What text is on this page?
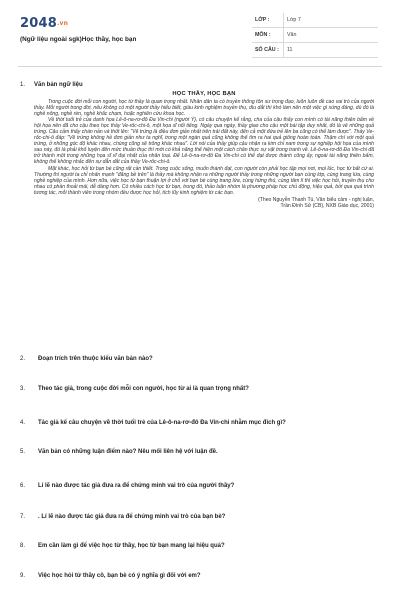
2048.vn
(Ngữ liệu ngoài sgk)Học thầy, học bạn
LỚP :	Lớp 7
MÔN :	Văn
SỐ CÂU :	11
1. Văn bản ngữ liệu
HỌC THẦY, HỌC BẠN

Trong cuộc đời mỗi con người, học từ thầy là quan trọng nhất. Nhân dân ta có truyền thống tôn sư trọng đạo, luôn luôn đề cao vai trò của người thầy. Mỗi người trong đời, nếu không có một người thầy hiểu biết, giàu kinh nghiệm truyền thụ, dìu dắt thì khó làm nên một việc gì xứng đáng, dù đó là nghề nông, nghề rèn, nghề khắc chạm, hoặc nghiên cứu khoa học.

Về thời tuổi trẻ của danh họa Lê-ô-na-rơ-đô Đa Vin-chi (người Ý), có câu chuyện kể rằng, cha của cậu thấy con mình có tài năng thiên bẩm về hội họa nên đã cho cậu theo học thầy Ve-rốc-chi-ô, một họa sĩ nổi tiếng. Ngày qua ngày, thầy giao cho cậu một bài tập duy nhất, đó là vẽ những quả trứng. Cậu cảm thấy chán nản và thốt lên: "Vẽ trứng là điều đơn giản nhất trên trái đất này, đến cả một đứa trẻ lên ba cũng có thể làm được". Thầy Ve-rốc-chi-ô đáp: "Vẽ trứng không hề đơn giản như ta nghĩ, trong một ngàn quả cũng không thể tìm ra hai quả giống hoàn toàn. Thậm chí với một quả trứng, ở những góc độ khác nhau, chúng cũng sẽ trông khác nhau". Lời nói của thầy giúp cậu nhận ra kim chỉ nam trong sự nghiệp hội họa của mình sau này, đó là phải khổ luyện đến mức thuần thục thì mới có khả năng thể hiện một cách chân thực sự vật trong tranh vẽ. Lê-ô-na-rơ-đô Đa Vin-chi đã trở thành một trong những họa sĩ vĩ đại nhất của nhân loại. Để Lê-ô-na-rơ-đô Đa Vin-chi có thể đạt được thành công ấy, ngoài tài năng thiên bẩm, không thể không nhắc đến sự dẫn dắt của thầy Ve-rốc-chi-ô.

Mặt khác, học hỏi từ bạn bè cũng rất cần thiết. Trong cuộc sống, muốn thành đạt, con người còn phải học tập mọi nơi, mọi lúc, học từ bất cứ ai. Thường thì người ta chỉ nhấn mạnh "đăng bề trên" là thầy mà không nhận ra những người thầy trong những người bạn cùng lớp, cùng trang lứa, cùng nghề nghiệp của mình. Hơn nữa, việc học từ bạn thuận lợi ở chỗ với bạn bè cùng trang lứa, cùng hứng thú, cùng tâm lí thì việc học hỏi, truyền thụ cho nhau có phần thoải mái, dễ dàng hơn. Có nhiều cách học từ bạn, trong đó, thảo luận nhóm là phương pháp học chủ động, hiệu quả, bởi qua quá trình tương tác, mỗi thành viên trong nhóm đều được học hỏi, tích lũy kinh nghiệm từ các bạn.

(Theo Nguyễn Thanh Tú, Văn biểu cảm - nghị luận,
Trần Đình Sử (CB), NXB Giáo dục, 2001)
2. Đoạn trích trên thuộc kiểu văn bản nào?
3. Theo tác giả, trong cuộc đời mỗi con người, học từ ai là quan trọng nhất?
4. Tác giả kể câu chuyện về thời tuổi trẻ của Lê-ô-na-rơ-đô Đa Vin-chi nhằm mục đích gì?
5. Văn bản có những luận điểm nào? Nêu mối liên hệ với luận đề.
6. Lí lẽ nào được tác giả đưa ra để chứng minh vai trò của người thầy?
7. . Lí lẽ nào được tác giả đưa ra để chứng minh vai trò của bạn bè?
8. Em cần làm gì để việc học từ thầy, học từ bạn mang lại hiệu quả?
9. Việc học hỏi từ thầy cô, bạn bè có ý nghĩa gì đối với em?
